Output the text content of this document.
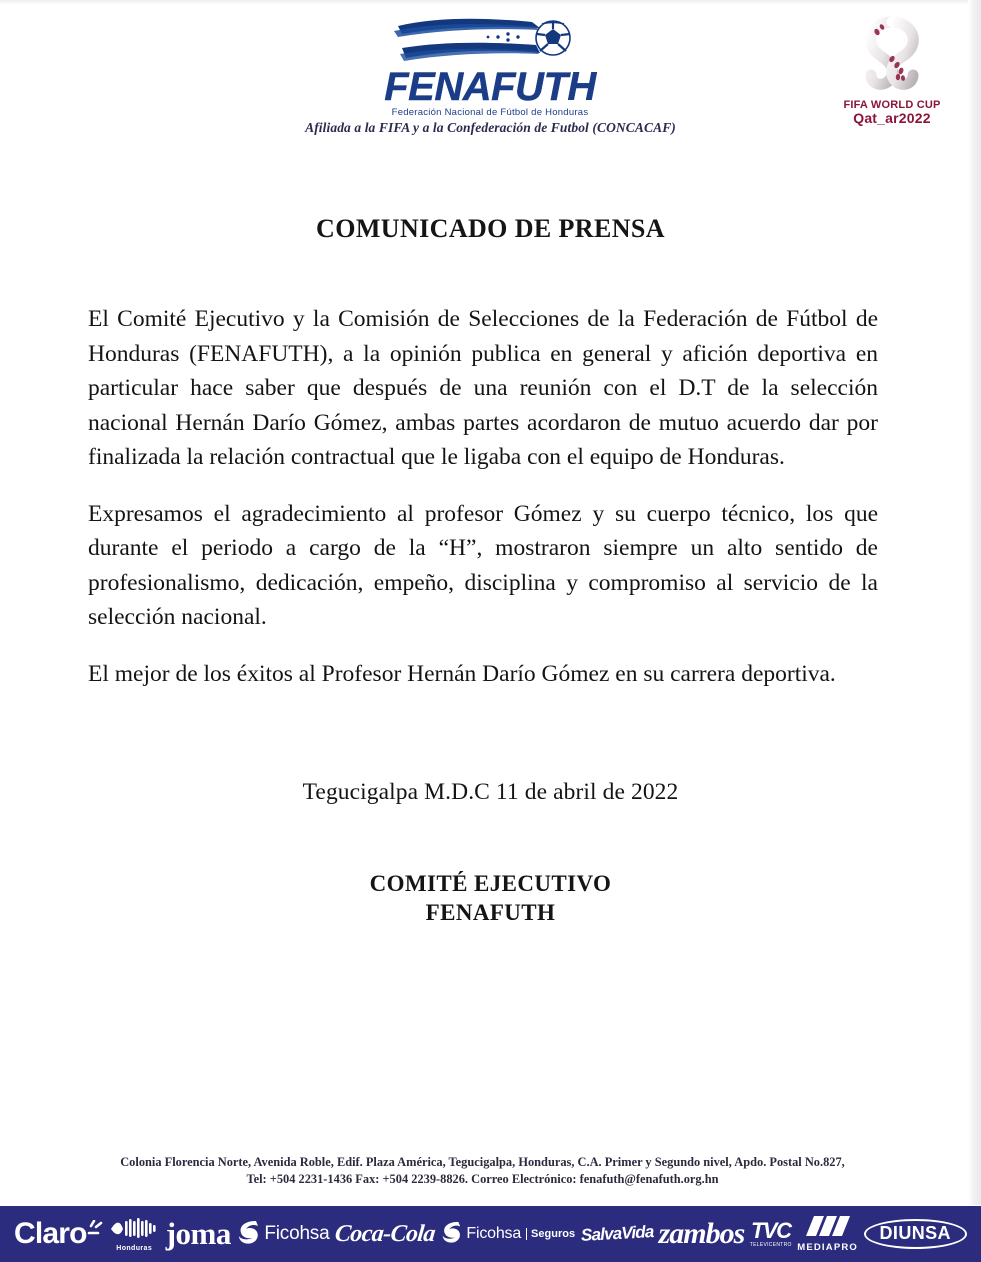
FENAFUTH
Federación Nacional de Fútbol de Honduras
FIFA WORLD CUP
Qat_ar2022
Afiliada a la FIFA y a la Confederación de Futbol (CONCACAF)
COMUNICADO DE PRENSA

El Comité Ejecutivo y la Comisión de Selecciones de la Federación de Fútbol de Honduras (FENAFUTH), a la opinión publica en general y afición deportiva en particular hace saber que después de una reunión con el D.T de la selección nacional Hernán Darío Gómez, ambas partes acordaron de mutuo acuerdo dar por finalizada la relación contractual que le ligaba con el equipo de Honduras.

Expresamos el agradecimiento al profesor Gómez y su cuerpo técnico, los que durante el periodo a cargo de la “H”, mostraron siempre un alto sentido de profesionalismo, dedicación, empeño, disciplina y compromiso al servicio de la selección nacional.

El mejor de los éxitos al Profesor Hernán Darío Gómez en su carrera deportiva.

Tegucigalpa M.D.C 11 de abril de 2022
COMITÉ EJECUTIVO
FENAFUTH
Colonia Florencia Norte, Avenida Roble, Edif. Plaza América, Tegucigalpa, Honduras, C.A. Primer y Segundo nivel, Apdo. Postal No.827,
Tel: +504 2231-1436 Fax: +504 2239-8826. Correo Electrónico: fenafuth@fenafuth.org.hn
Claro	Honduras joma Ficohsa Coca-Cola Ficohsa Seguros SalvaVida zambos TVC
TELEVICENTRO MEDIAPRO
DIUNSA
